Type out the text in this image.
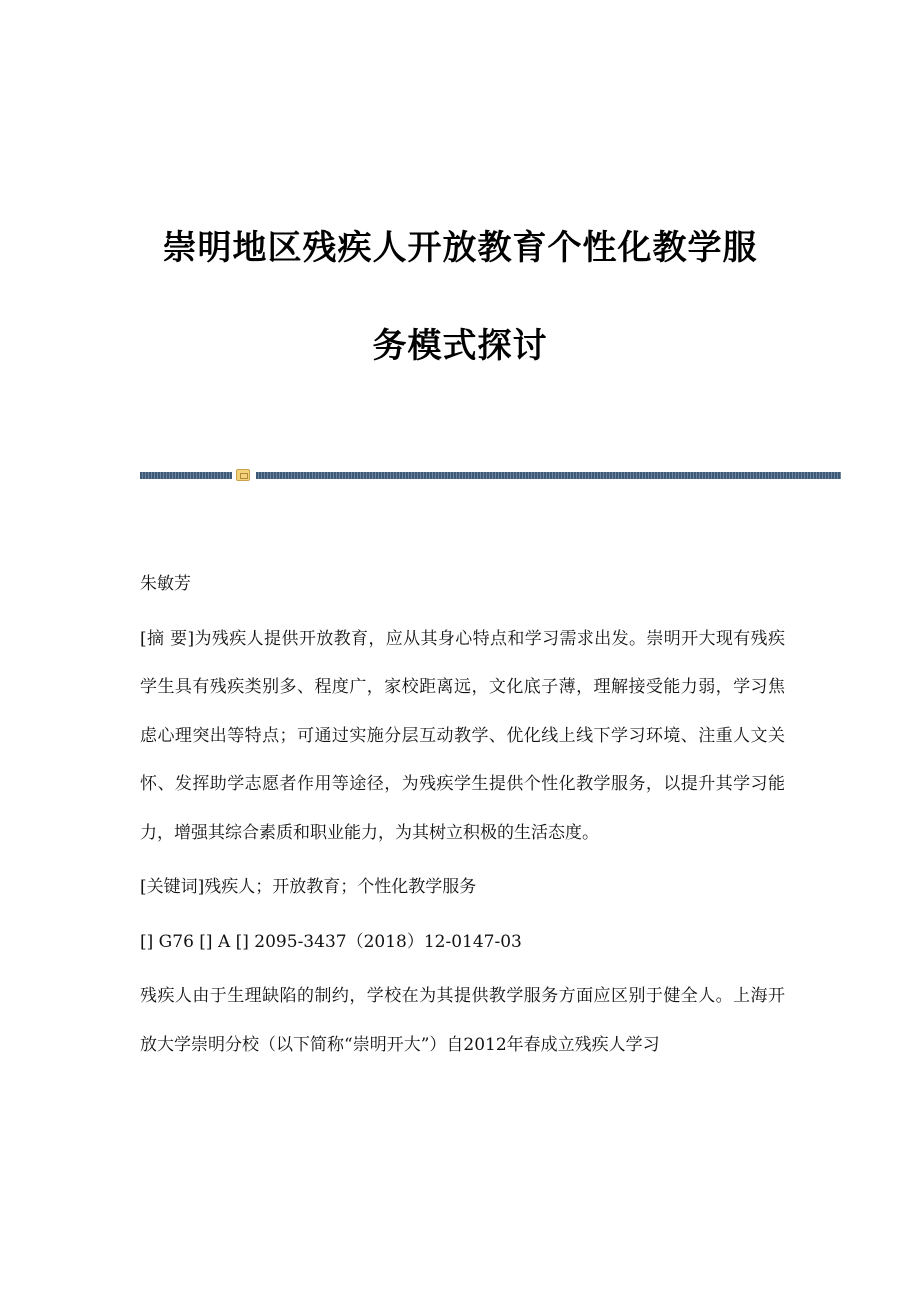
崇明地区残疾人开放教育个性化教学服
务模式探讨

朱敏芳

[摘 要]为残疾人提供开放教育，应从其身心特点和学习需求出发。崇明开大现有残疾学生具有残疾类别多、程度广，家校距离远，文化底子薄，理解接受能力弱，学习焦虑心理突出等特点；可通过实施分层互动教学、优化线上线下学习环境、注重人文关怀、发挥助学志愿者作用等途径，为残疾学生提供个性化教学服务，以提升其学习能力，增强其综合素质和职业能力，为其树立积极的生活态度。

[关键词]残疾人；开放教育；个性化教学服务

[] G76 [] A [] 2095-3437（2018）12-0147-03

残疾人由于生理缺陷的制约，学校在为其提供教学服务方面应区别于健全人。上海开放大学崇明分校（以下简称“崇明开大”）自2012年春成立残疾人学习
